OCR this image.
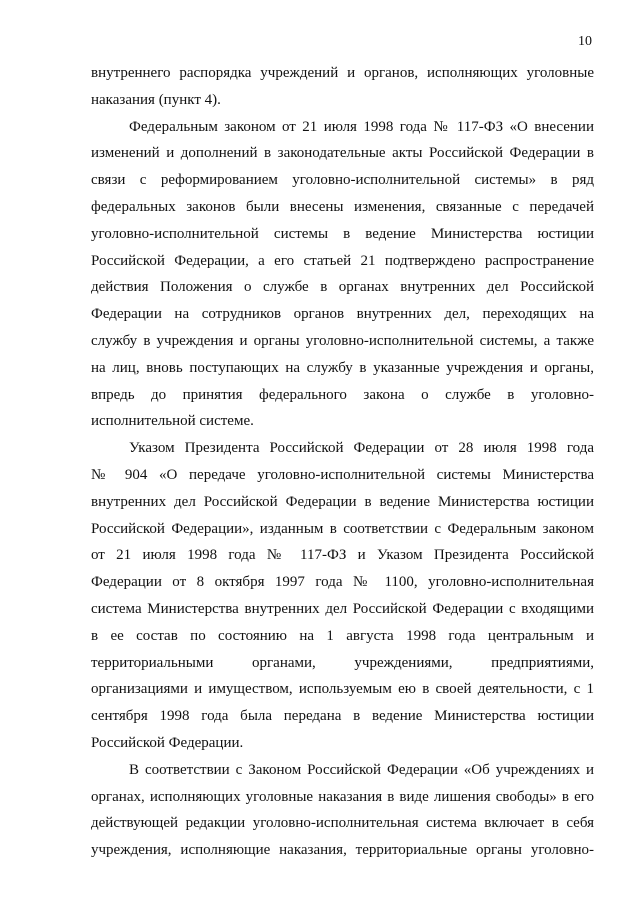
10
внутреннего распорядка учреждений и органов, исполняющих уголовные
наказания (пункт 4).
Федеральным законом от 21 июля 1998 года № 117-ФЗ «О внесении
изменений и дополнений в законодательные акты Российской Федерации в
связи с реформированием уголовно-исполнительной системы» в ряд
федеральных законов были внесены изменения, связанные с передачей
уголовно-исполнительной системы в ведение Министерства юстиции
Российской Федерации, а его статьей 21 подтверждено распространение
действия Положения о службе в органах внутренних дел Российской
Федерации на сотрудников органов внутренних дел, переходящих на
службу в учреждения и органы уголовно-исполнительной системы, а также
на лиц, вновь поступающих на службу в указанные учреждения и органы,
впредь до принятия федерального закона о службе в уголовно-
исполнительной системе.
Указом Президента Российской Федерации от 28 июля 1998 года
№ 904 «О передаче уголовно-исполнительной системы Министерства
внутренних дел Российской Федерации в ведение Министерства юстиции
Российской Федерации», изданным в соответствии с Федеральным законом
от 21 июля 1998 года № 117-ФЗ и Указом Президента Российской
Федерации от 8 октября 1997 года № 1100, уголовно-исполнительная
система Министерства внутренних дел Российской Федерации с входящими
в ее состав по состоянию на 1 августа 1998 года центральным и
территориальными органами, учреждениями, предприятиями,
организациями и имуществом, используемым ею в своей деятельности, с 1
сентября 1998 года была передана в ведение Министерства юстиции
Российской Федерации.
В соответствии с Законом Российской Федерации «Об учреждениях и
органах, исполняющих уголовные наказания в виде лишения свободы» в его
действующей редакции уголовно-исполнительная система включает в себя
учреждения, исполняющие наказания, территориальные органы уголовно-
